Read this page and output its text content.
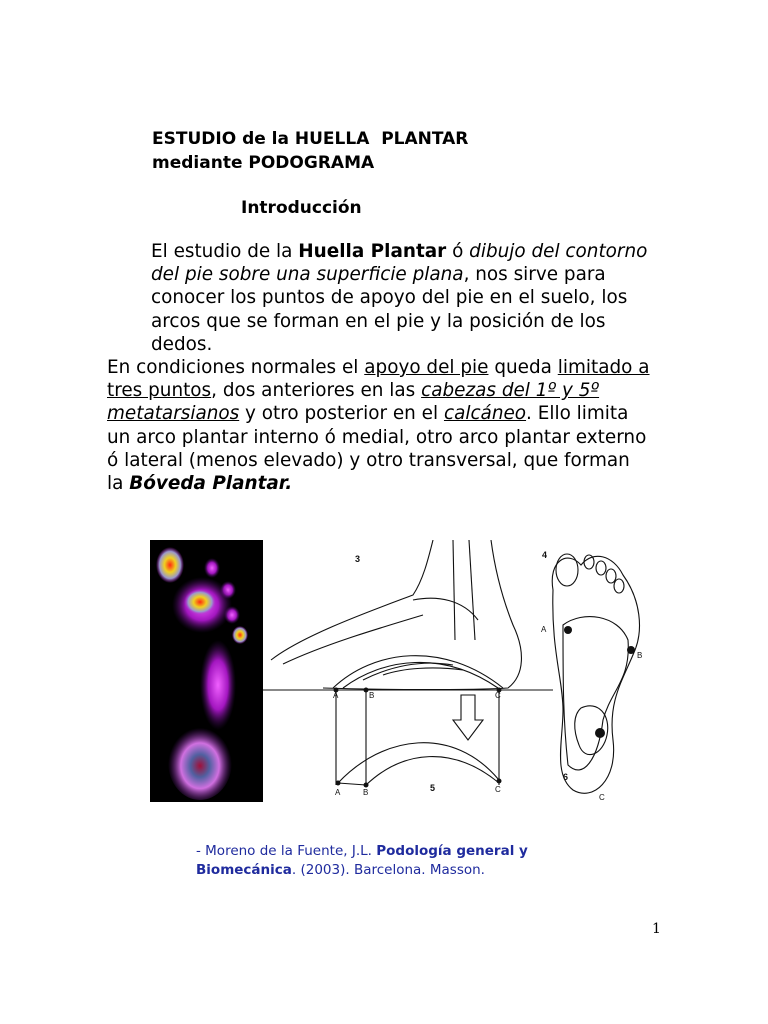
ESTUDIO de la HUELLA  PLANTAR
mediante PODOGRAMA
Introducción

El estudio de la Huella Plantar ó dibujo del contorno del pie sobre una superficie plana, nos sirve para conocer los puntos de apoyo del pie en el suelo, los arcos que se forman en el pie y la posición de los dedos.

En condiciones normales el apoyo del pie queda limitado a tres puntos, dos anteriores en las cabezas del 1º y 5º metatarsianos y otro posterior en el calcáneo. Ello limita un arco plantar interno ó medial, otro arco plantar externo ó lateral (menos elevado) y otro transversal, que forman la Bóveda Plantar.

3	4
5
6
A	B	C
A	B	C
A
B
C

- Moreno de la Fuente, J.L. Podología general y Biomecánica. (2003). Barcelona. Masson.

1
